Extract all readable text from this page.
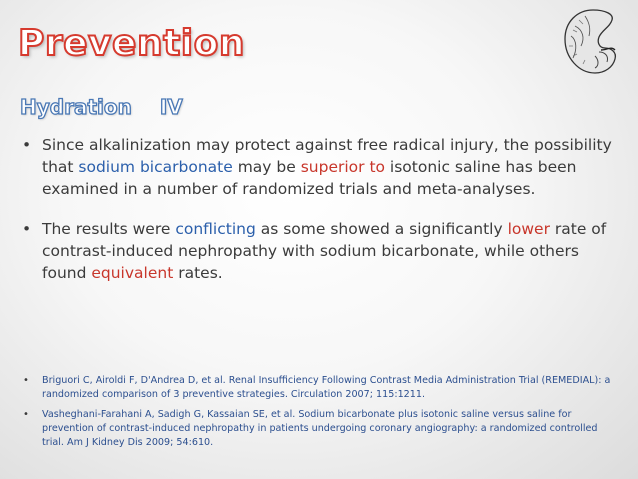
Prevention
Hydration IV
• Since alkalinization may protect against free radical injury, the possibility that sodium bicarbonate may be superior to isotonic saline has been examined in a number of randomized trials and meta-analyses.
• The results were conflicting as some showed a significantly lower rate of contrast-induced nephropathy with sodium bicarbonate, while others found equivalent rates.
• Briguori C, Airoldi F, D'Andrea D, et al. Renal Insufficiency Following Contrast Media Administration Trial (REMEDIAL): a randomized comparison of 3 preventive strategies. Circulation 2007; 115:1211.
• Vasheghani-Farahani A, Sadigh G, Kassaian SE, et al. Sodium bicarbonate plus isotonic saline versus saline for prevention of contrast-induced nephropathy in patients undergoing coronary angiography: a randomized controlled trial. Am J Kidney Dis 2009; 54:610.
